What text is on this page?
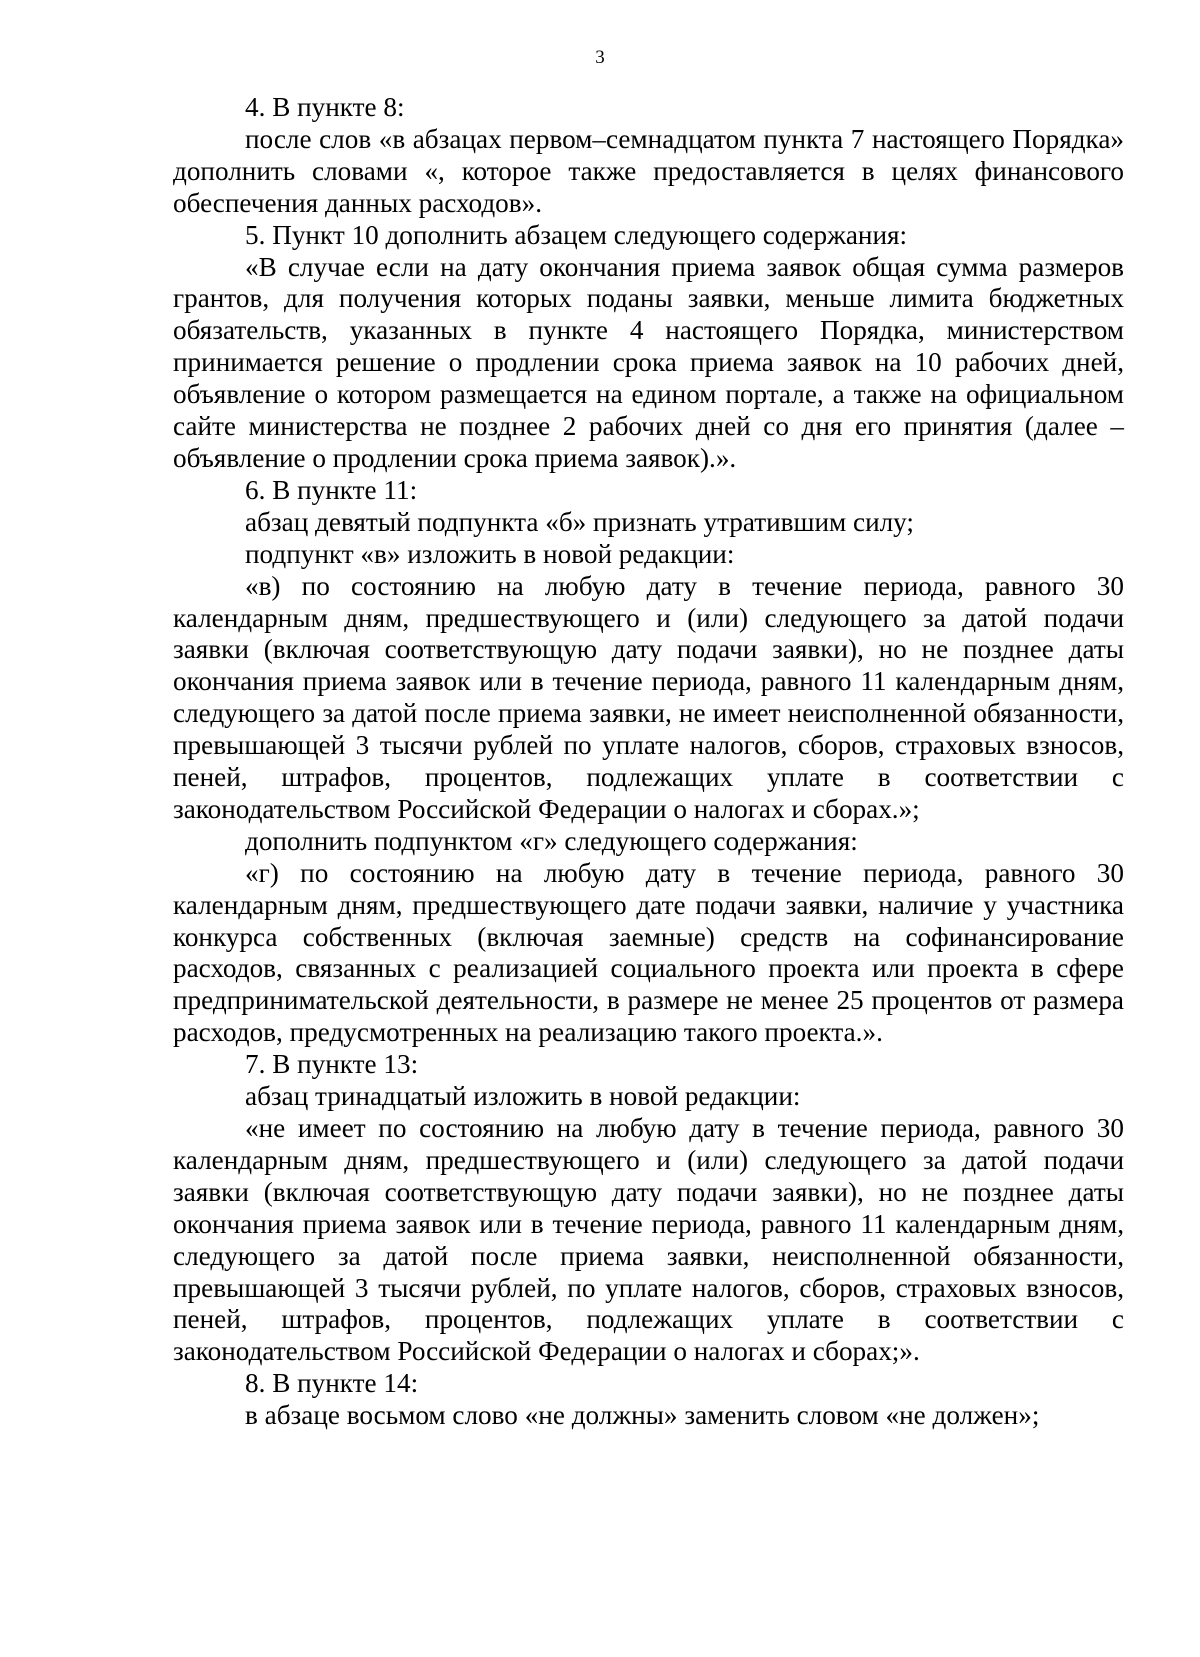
3

4. В пункте 8:

после слов «в абзацах первом–семнадцатом пункта 7 настоящего Порядка» дополнить словами «, которое также предоставляется в целях финансового обеспечения данных расходов».

5. Пункт 10 дополнить абзацем следующего содержания:

«В случае если на дату окончания приема заявок общая сумма размеров грантов, для получения которых поданы заявки, меньше лимита бюджетных обязательств, указанных в пункте 4 настоящего Порядка, министерством принимается решение о продлении срока приема заявок на 10 рабочих дней, объявление о котором размещается на едином портале, а также на официальном сайте министерства не позднее 2 рабочих дней со дня его принятия (далее – объявление о продлении срока приема заявок).».

6. В пункте 11:

абзац девятый подпункта «б» признать утратившим силу;

подпункт «в» изложить в новой редакции:

«в) по состоянию на любую дату в течение периода, равного 30 календарным дням, предшествующего и (или) следующего за датой подачи заявки (включая соответствующую дату подачи заявки), но не позднее даты окончания приема заявок или в течение периода, равного 11 календарным дням, следующего за датой после приема заявки, не имеет неисполненной обязанности, превышающей 3 тысячи рублей по уплате налогов, сборов, страховых взносов, пеней, штрафов, процентов, подлежащих уплате в соответствии с законодательством Российской Федерации о налогах и сборах.»;

дополнить подпунктом «г» следующего содержания:

«г) по состоянию на любую дату в течение периода, равного 30 календарным дням, предшествующего дате подачи заявки, наличие у участника конкурса собственных (включая заемные) средств на софинансирование расходов, связанных с реализацией социального проекта или проекта в сфере предпринимательской деятельности, в размере не менее 25 процентов от размера расходов, предусмотренных на реализацию такого проекта.».

7. В пункте 13:

абзац тринадцатый изложить в новой редакции:

«не имеет по состоянию на любую дату в течение периода, равного 30 календарным дням, предшествующего и (или) следующего за датой подачи заявки (включая соответствующую дату подачи заявки), но не позднее даты окончания приема заявок или в течение периода, равного 11 календарным дням, следующего за датой после приема заявки, неисполненной обязанности, превышающей 3 тысячи рублей, по уплате налогов, сборов, страховых взносов, пеней, штрафов, процентов, подлежащих уплате в соответствии с законодательством Российской Федерации о налогах и сборах;».

8. В пункте 14:

в абзаце восьмом слово «не должны» заменить словом «не должен»;
